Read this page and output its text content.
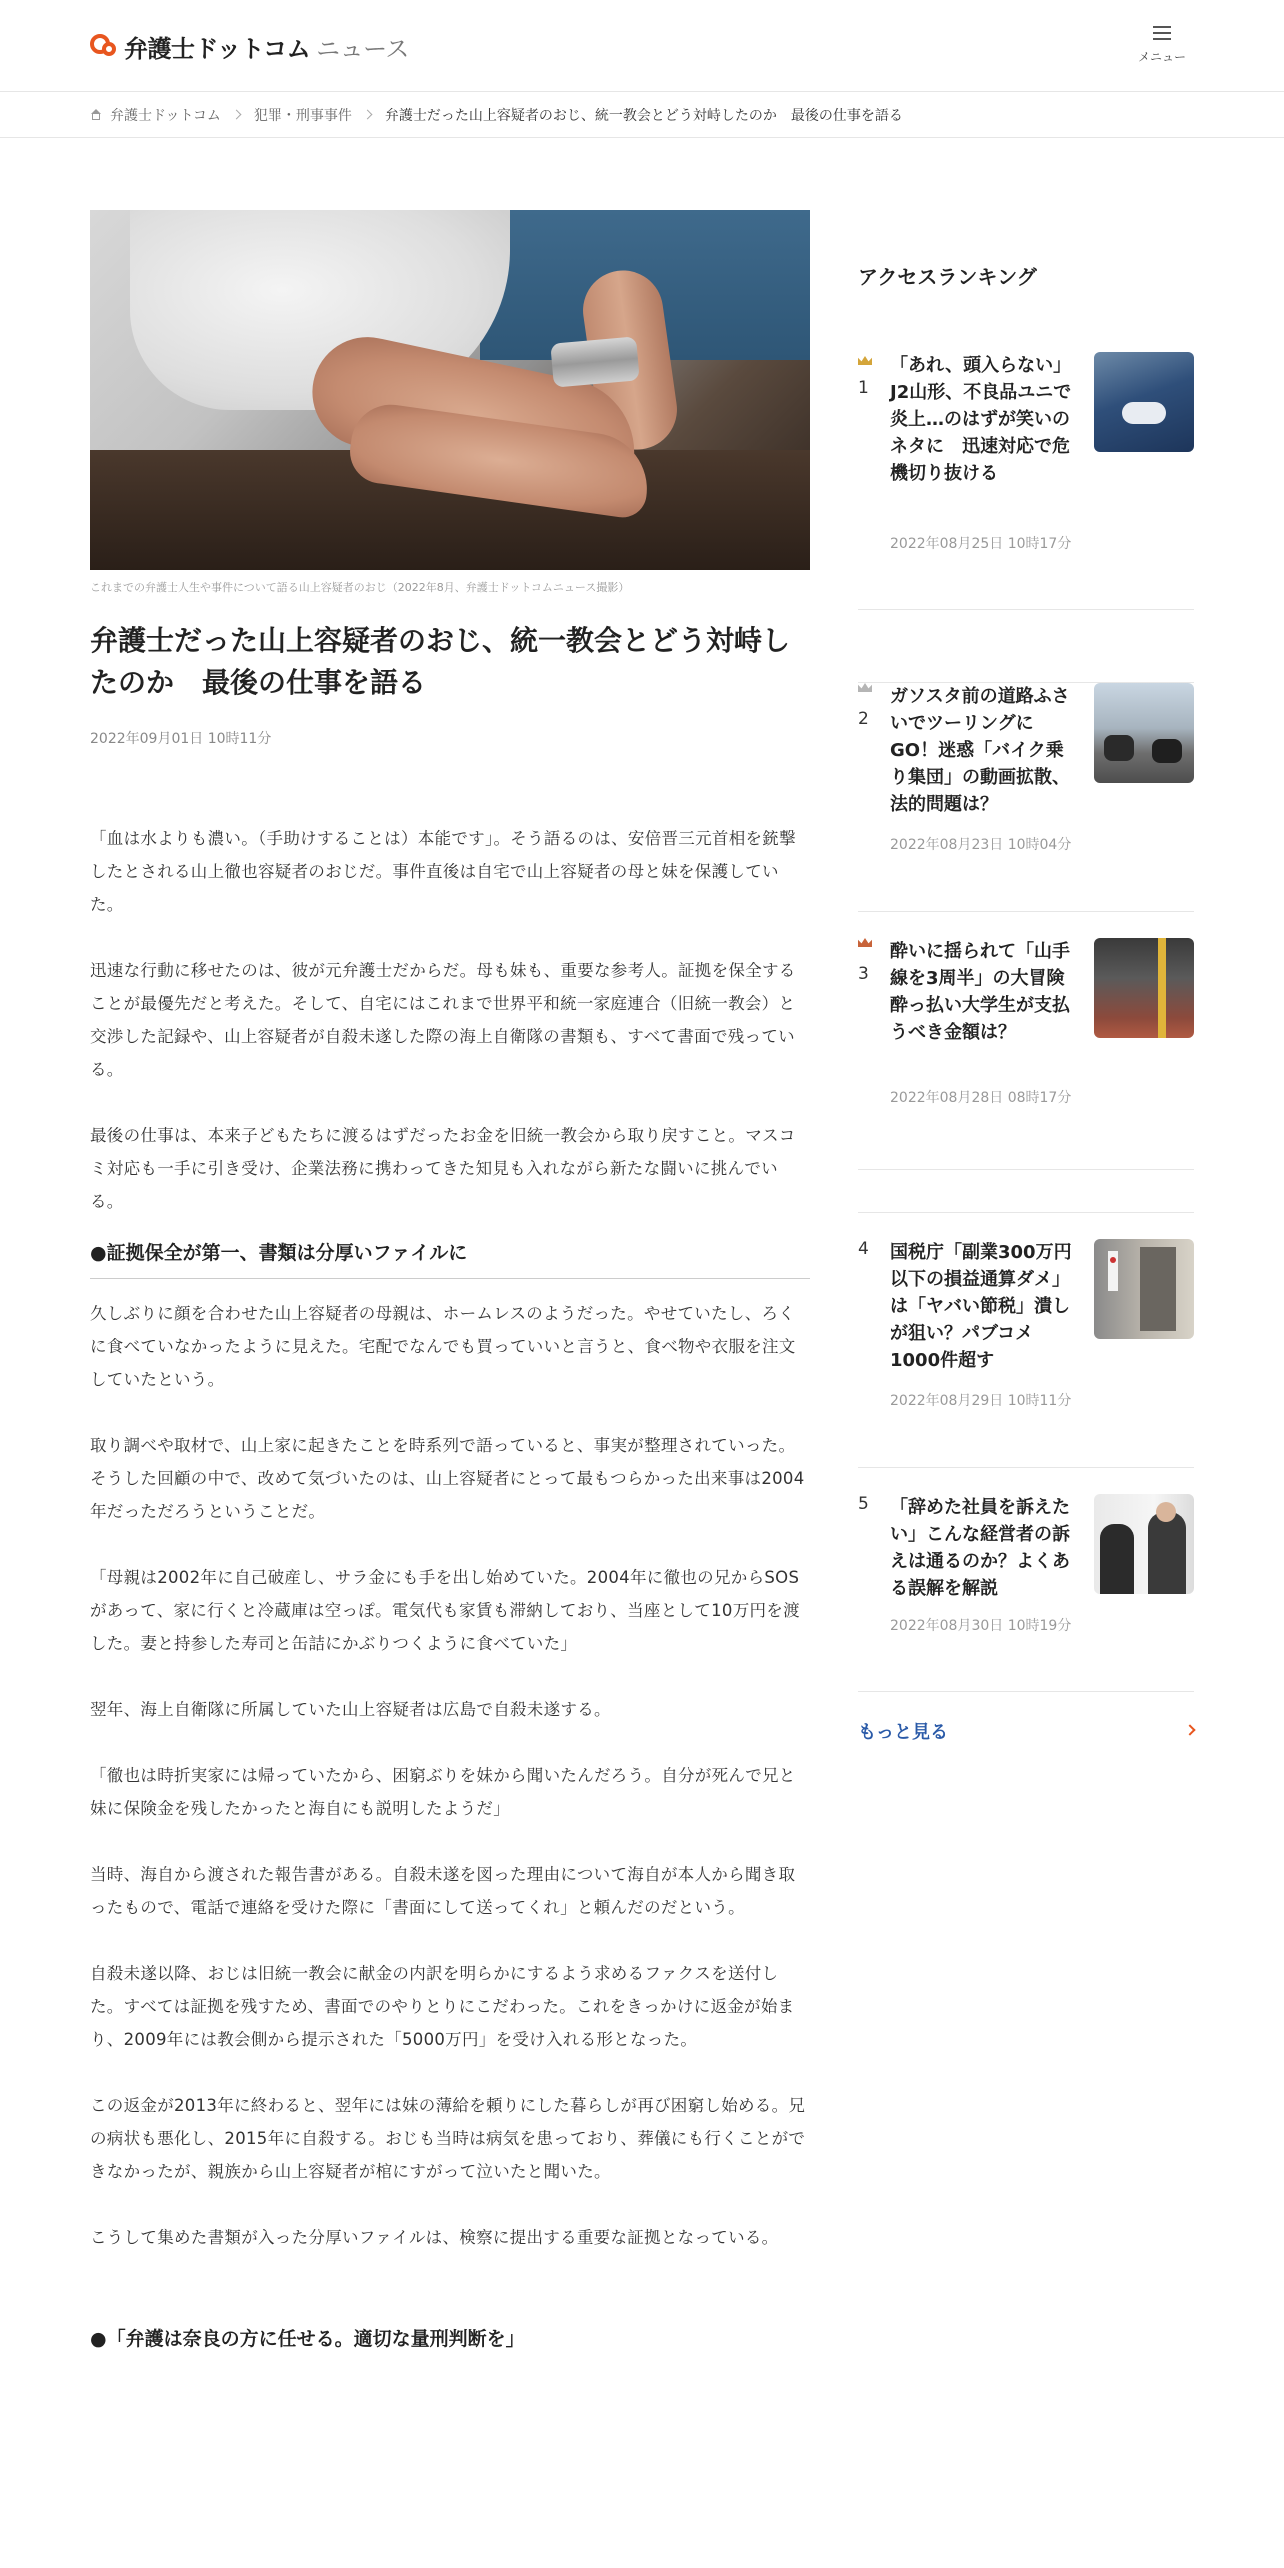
弁護士ドットコム ニュース	メニュー
弁護士ドットコム 犯罪・刑事事件 弁護士だった山上容疑者のおじ、統一教会とどう対峙したのか　最後の仕事を語る
これまでの弁護士人生や事件について語る山上容疑者のおじ（2022年8月、弁護士ドットコムニュース撮影）
弁護士だった山上容疑者のおじ、統一教会とどう対峙し
たのか　最後の仕事を語る
2022年09月01日 10時11分

「血は水よりも濃い。（手助けすることは）本能です」。そう語るのは、安倍晋三元首相を銃撃したとされる山上徹也容疑者のおじだ。事件直後は自宅で山上容疑者の母と妹を保護していた。

迅速な行動に移せたのは、彼が元弁護士だからだ。母も妹も、重要な参考人。証拠を保全することが最優先だと考えた。そして、自宅にはこれまで世界平和統一家庭連合（旧統一教会）と交渉した記録や、山上容疑者が自殺未遂した際の海上自衛隊の書類も、すべて書面で残っている。

最後の仕事は、本来子どもたちに渡るはずだったお金を旧統一教会から取り戻すこと。マスコミ対応も一手に引き受け、企業法務に携わってきた知見も入れながら新たな闘いに挑んでいる。

●証拠保全が第一、書類は分厚いファイルに

久しぶりに顔を合わせた山上容疑者の母親は、ホームレスのようだった。やせていたし、ろくに食べていなかったように見えた。宅配でなんでも買っていいと言うと、食べ物や衣服を注文していたという。

取り調べや取材で、山上家に起きたことを時系列で語っていると、事実が整理されていった。そうした回顧の中で、改めて気づいたのは、山上容疑者にとって最もつらかった出来事は2004年だっただろうということだ。

「母親は2002年に自己破産し、サラ金にも手を出し始めていた。2004年に徹也の兄からSOSがあって、家に行くと冷蔵庫は空っぽ。電気代も家賃も滞納しており、当座として10万円を渡した。妻と持参した寿司と缶詰にかぶりつくように食べていた」

翌年、海上自衛隊に所属していた山上容疑者は広島で自殺未遂する。

「徹也は時折実家には帰っていたから、困窮ぶりを妹から聞いたんだろう。自分が死んで兄と妹に保険金を残したかったと海自にも説明したようだ」

当時、海自から渡された報告書がある。自殺未遂を図った理由について海自が本人から聞き取ったもので、電話で連絡を受けた際に「書面にして送ってくれ」と頼んだのだという。

自殺未遂以降、おじは旧統一教会に献金の内訳を明らかにするよう求めるファクスを送付した。すべては証拠を残すため、書面でのやりとりにこだわった。これをきっかけに返金が始まり、2009年には教会側から提示された「5000万円」を受け入れる形となった。

この返金が2013年に終わると、翌年には妹の薄給を頼りにした暮らしが再び困窮し始める。兄の病状も悪化し、2015年に自殺する。おじも当時は病気を患っており、葬儀にも行くことができなかったが、親族から山上容疑者が棺にすがって泣いたと聞いた。

こうして集めた書類が入った分厚いファイルは、検察に提出する重要な証拠となっている。

●「弁護は奈良の方に任せる。適切な量刑判断を」
アクセスランキング
1
「あれ、頭入らない」J2山形、不良品ユニで炎上…のはずが笑いのネタに　迅速対応で危機切り抜ける
2022年08月25日 10時17分
2
ガソスタ前の道路ふさいでツーリングにGO！迷惑「バイク乗り集団」の動画拡散、法的問題は？
2022年08月23日 10時04分
3
酔いに揺られて「山手線を3周半」の大冒険　酔っ払い大学生が支払うべき金額は？
2022年08月28日 08時17分
4 国税庁「副業300万円以下の損益通算ダメ」は「ヤバい節税」潰しが狙い？パブコメ1000件超す
2022年08月29日 10時11分
5 「辞めた社員を訴えたい」こんな経営者の訴えは通るのか？よくある誤解を解説
2022年08月30日 10時19分
もっと見る
